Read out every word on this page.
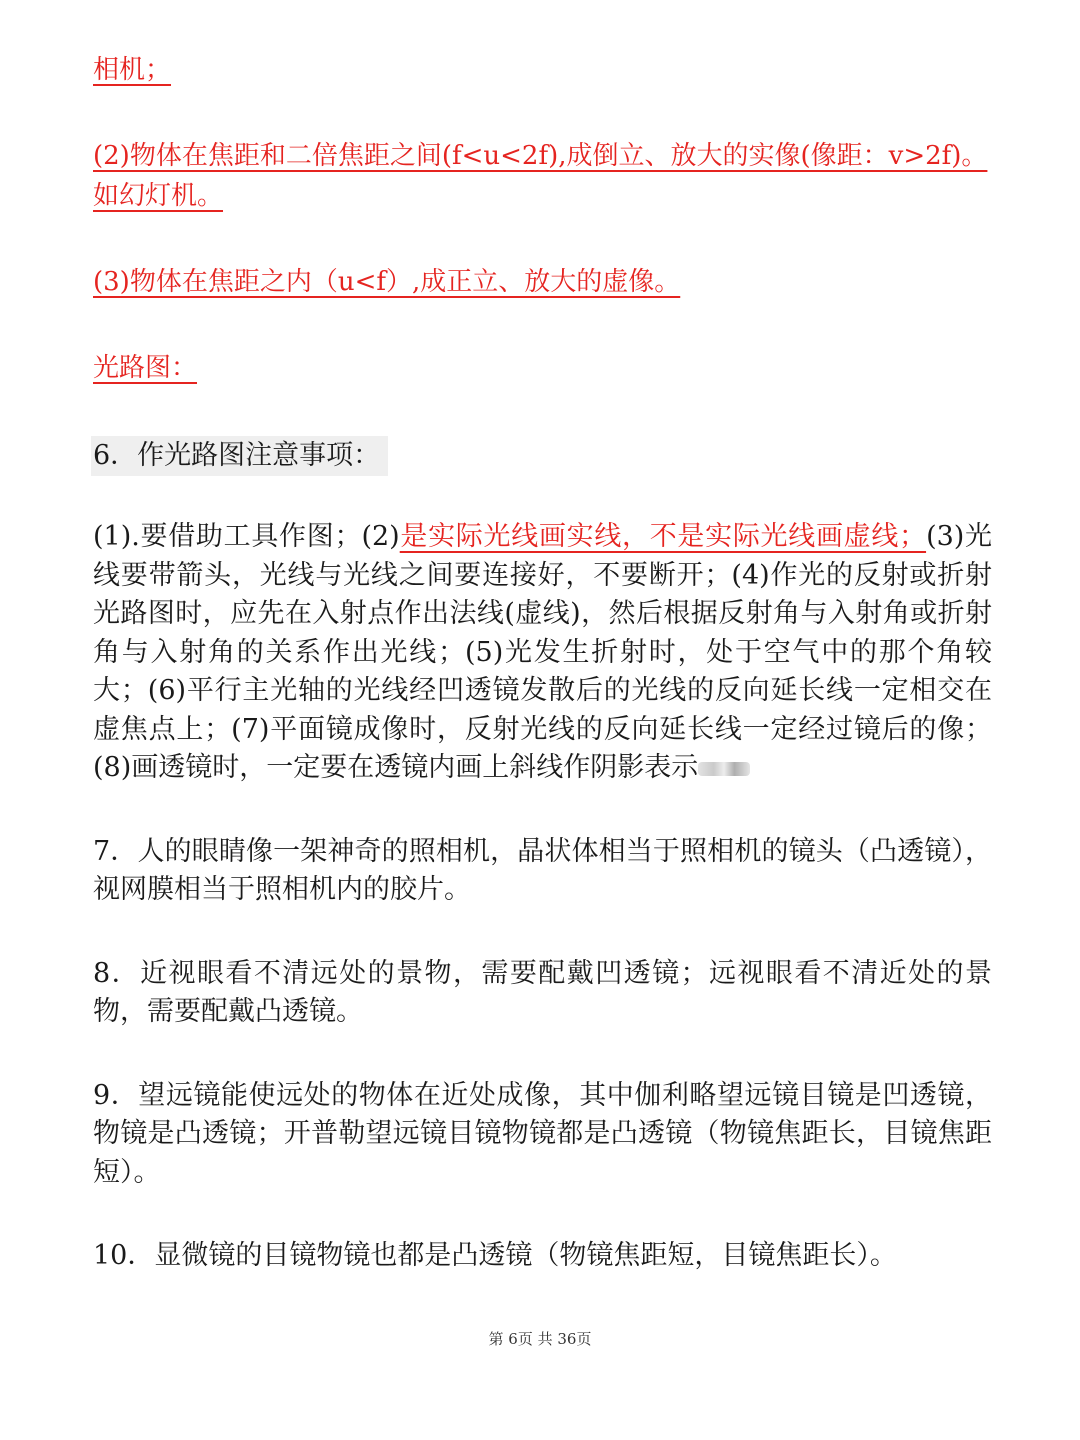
相机；
(2)物体在焦距和二倍焦距之间(f<u<2f),成倒立、放大的实像(像距：v>2f)。
如幻灯机。
(3)物体在焦距之内（u<f）,成正立、放大的虚像。
光路图：
6．作光路图注意事项：

(1).要借助工具作图；(2)是实际光线画实线，不是实际光线画虚线；(3)光线要带箭头，光线与光线之间要连接好，不要断开；(4)作光的反射或折射光路图时，应先在入射点作出法线(虚线)，然后根据反射角与入射角或折射角与入射角的关系作出光线；(5)光发生折射时，处于空气中的那个角较大；(6)平行主光轴的光线经凹透镜发散后的光线的反向延长线一定相交在虚焦点上；(7)平面镜成像时，反射光线的反向延长线一定经过镜后的像；(8)画透镜时，一定要在透镜内画上斜线作阴影表示

7．人的眼睛像一架神奇的照相机，晶状体相当于照相机的镜头（凸透镜），视网膜相当于照相机内的胶片。

8．近视眼看不清远处的景物，需要配戴凹透镜；远视眼看不清近处的景物，需要配戴凸透镜。

9．望远镜能使远处的物体在近处成像，其中伽利略望远镜目镜是凹透镜，物镜是凸透镜；开普勒望远镜目镜物镜都是凸透镜（物镜焦距长，目镜焦距短）。

10．显微镜的目镜物镜也都是凸透镜（物镜焦距短，目镜焦距长）。

第 6页 共 36页
